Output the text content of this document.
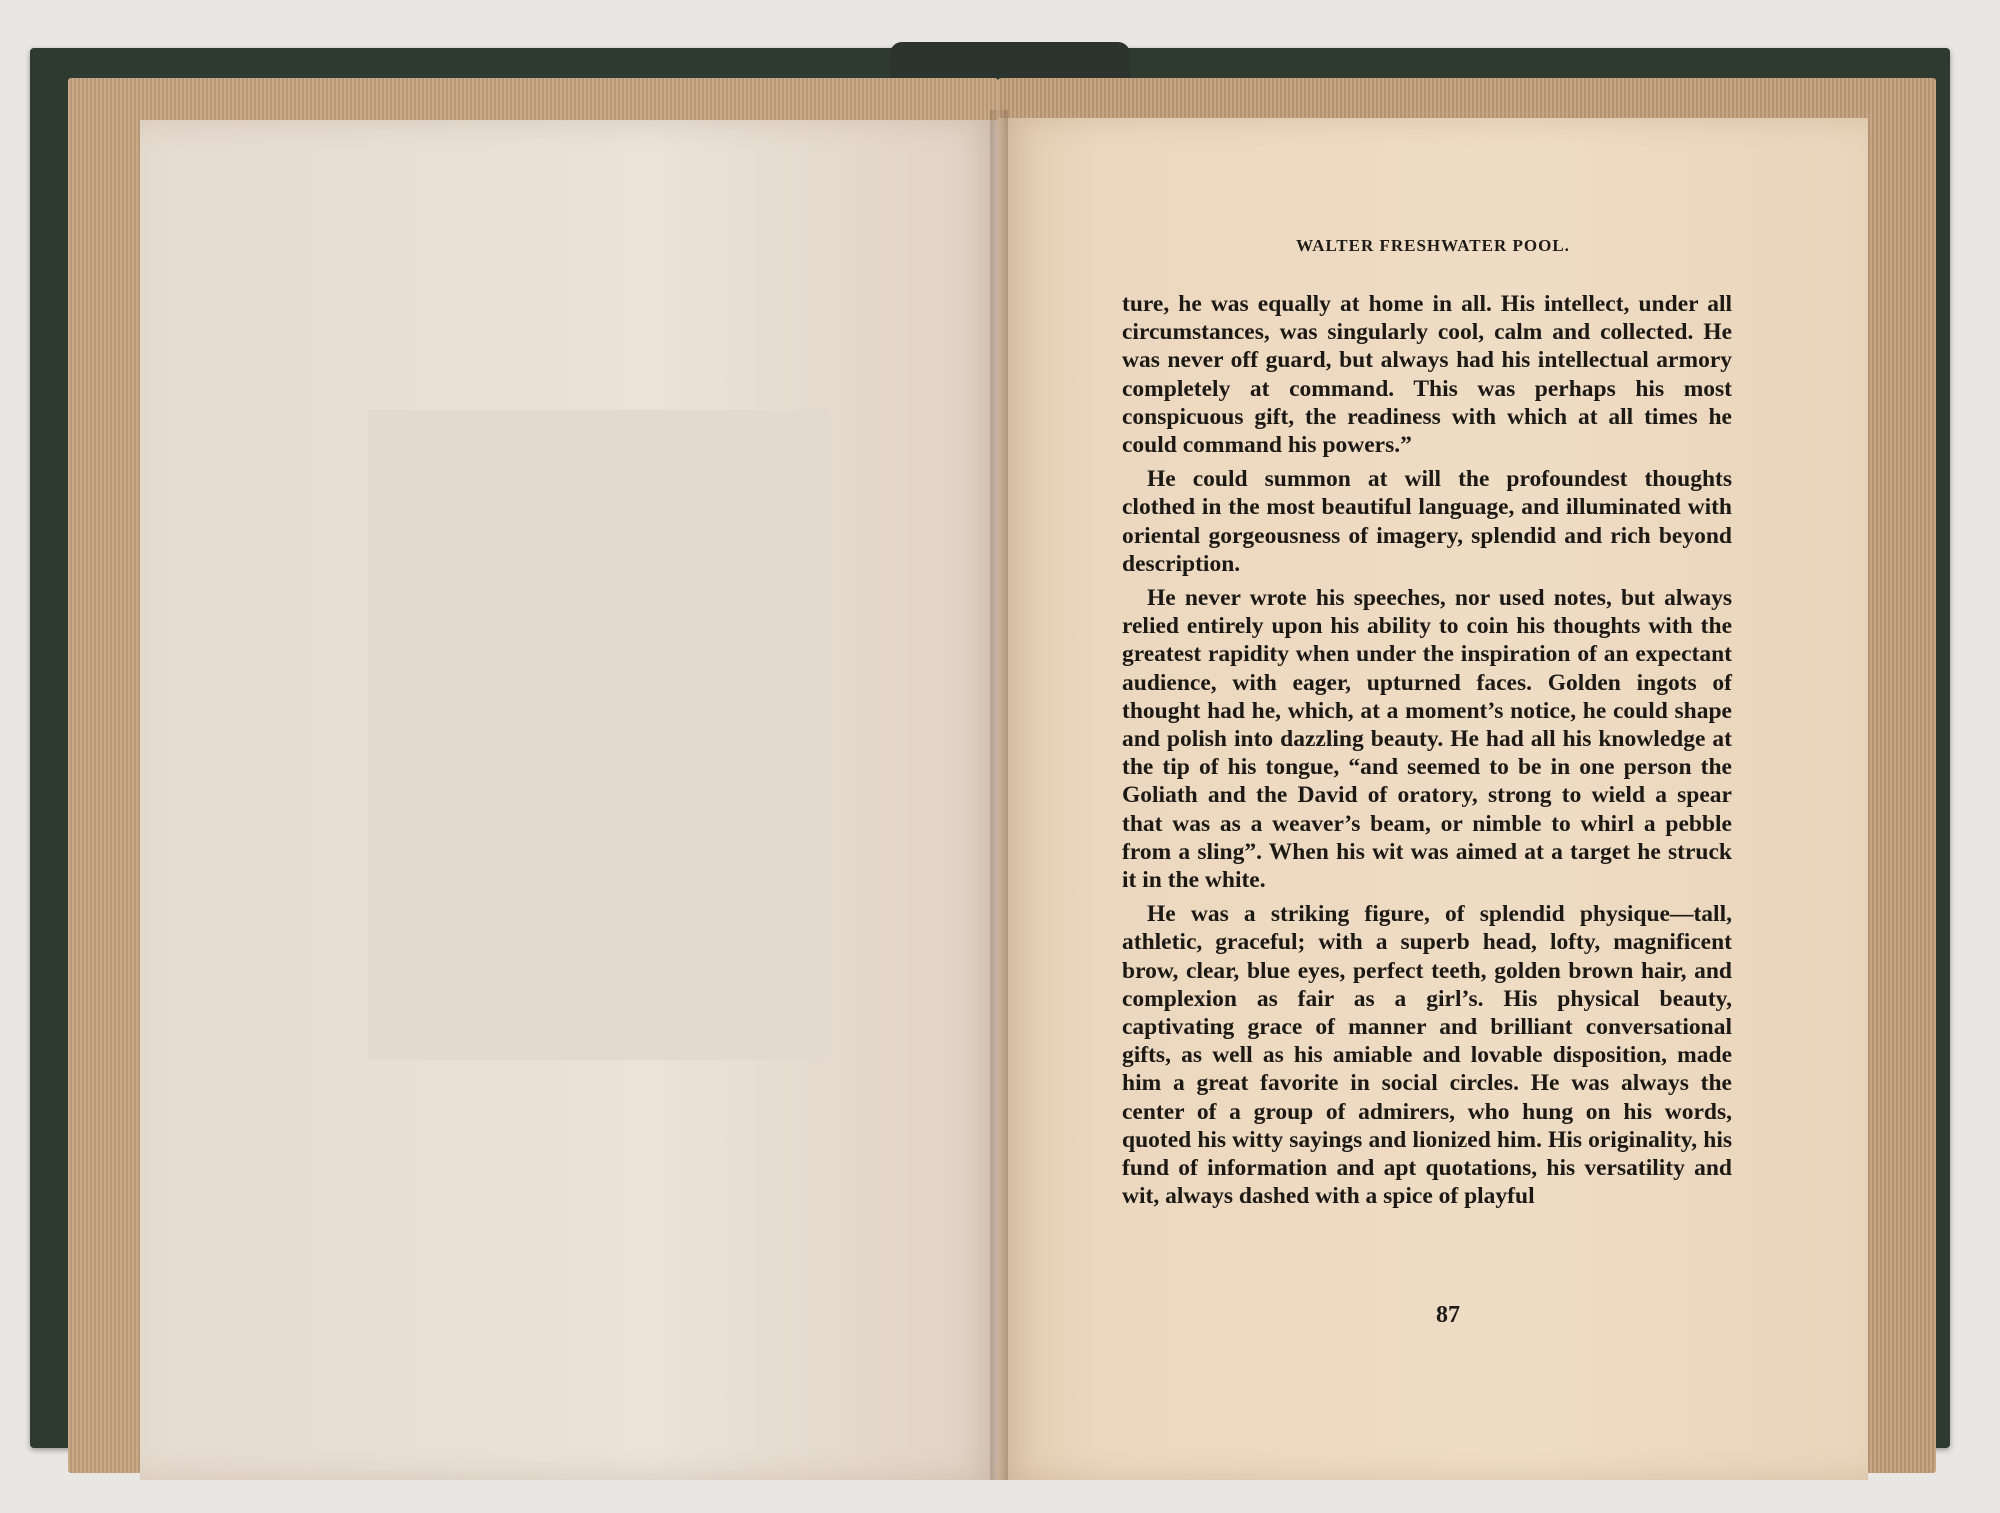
WALTER FRESHWATER POOL.

ture, he was equally at home in all. His intellect, under all circumstances, was singularly cool, calm and collected. He was never off guard, but always had his intellectual armory completely at command. This was perhaps his most conspicuous gift, the readiness with which at all times he could command his powers.”

He could summon at will the profoundest thoughts clothed in the most beautiful language, and illuminated with oriental gorgeousness of imagery, splendid and rich beyond description.

He never wrote his speeches, nor used notes, but always relied entirely upon his ability to coin his thoughts with the greatest rapidity when under the inspiration of an expectant audience, with eager, upturned faces. Golden ingots of thought had he, which, at a moment’s notice, he could shape and polish into dazzling beauty. He had all his knowledge at the tip of his tongue, “and seemed to be in one person the Goliath and the David of oratory, strong to wield a spear that was as a weaver’s beam, or nimble to whirl a pebble from a sling”. When his wit was aimed at a target he struck it in the white.

He was a striking figure, of splendid physique—tall, athletic, graceful; with a superb head, lofty, magnificent brow, clear, blue eyes, perfect teeth, golden brown hair, and complexion as fair as a girl’s. His physical beauty, captivating grace of manner and brilliant conversational gifts, as well as his amiable and lovable disposition, made him a great favorite in social circles. He was always the center of a group of admirers, who hung on his words, quoted his witty sayings and lionized him. His originality, his fund of information and apt quotations, his versatility and wit, always dashed with a spice of playful

87
